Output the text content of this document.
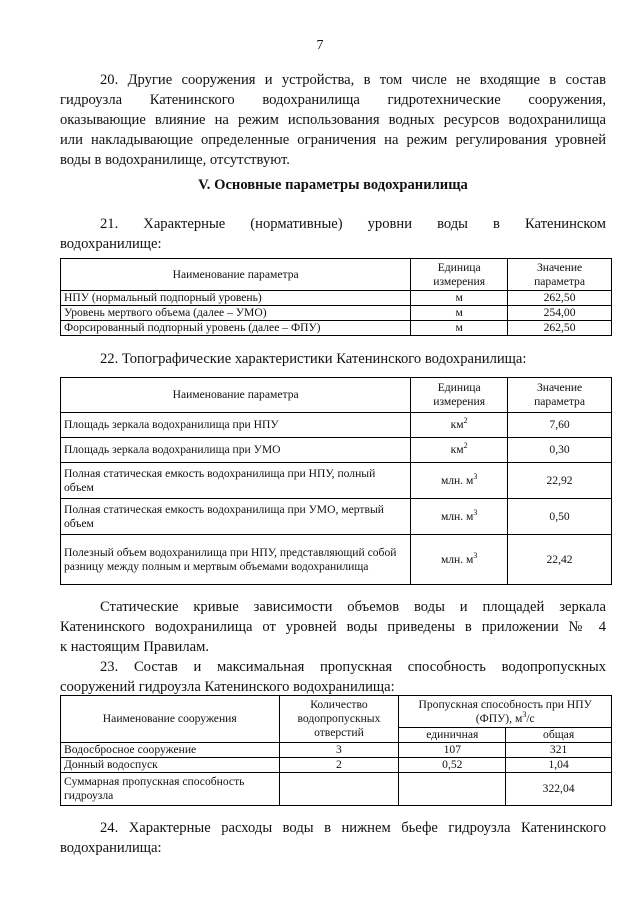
7
20. Другие сооружения и устройства, в том числе не входящие в состав
гидроузла Катенинского водохранилища гидротехнические сооружения,
оказывающие влияние на режим использования водных ресурсов водохранилища
или накладывающие определенные ограничения на режим регулирования уровней
воды в водохранилище, отсутствуют.
V. Основные параметры водохранилища
21. Характерные (нормативные) уровни воды в Катенинском
водохранилище:
Наименование параметра	Единица измерения	Значение параметра
НПУ (нормальный подпорный уровень)	м	262,50
Уровень мертвого объема (далее – УМО)	м	254,00
Форсированный подпорный уровень (далее – ФПУ)	м	262,50
22. Топографические характеристики Катенинского водохранилища:
Наименование параметра	Единица измерения	Значение параметра
Площадь зеркала водохранилища при НПУ	$км^2$	7,60
Площадь зеркала водохранилища при УМО	$км^2$	0,30
Полная статическая емкость водохранилища при НПУ, полный объем	млн. $м^3$	22,92
Полная статическая емкость водохранилища при УМО, мертвый объем	млн. $м^3$	0,50
Полезный объем водохранилища при НПУ, представляющий собой разницу между полным и мертвым объемами водохранилища	млн. $м^3$	22,42
Статические кривые зависимости объемов воды и площадей зеркала
Катенинского водохранилища от уровней воды приведены в приложении № 4
к настоящим Правилам.
23. Состав и максимальная пропускная способность водопропускных
сооружений гидроузла Катенинского водохранилища:
Наименование сооружения	Количество водопропускных отверстий	Пропускная способность при НПУ (ФПУ), $м^3/с$	
		единичная	общая
Водосбросное сооружение	3	107	321
Донный водоспуск	2	0,52	1,04
Суммарная пропускная способность гидроузла			322,04
24. Характерные расходы воды в нижнем бьефе гидроузла Катенинского
водохранилища:
